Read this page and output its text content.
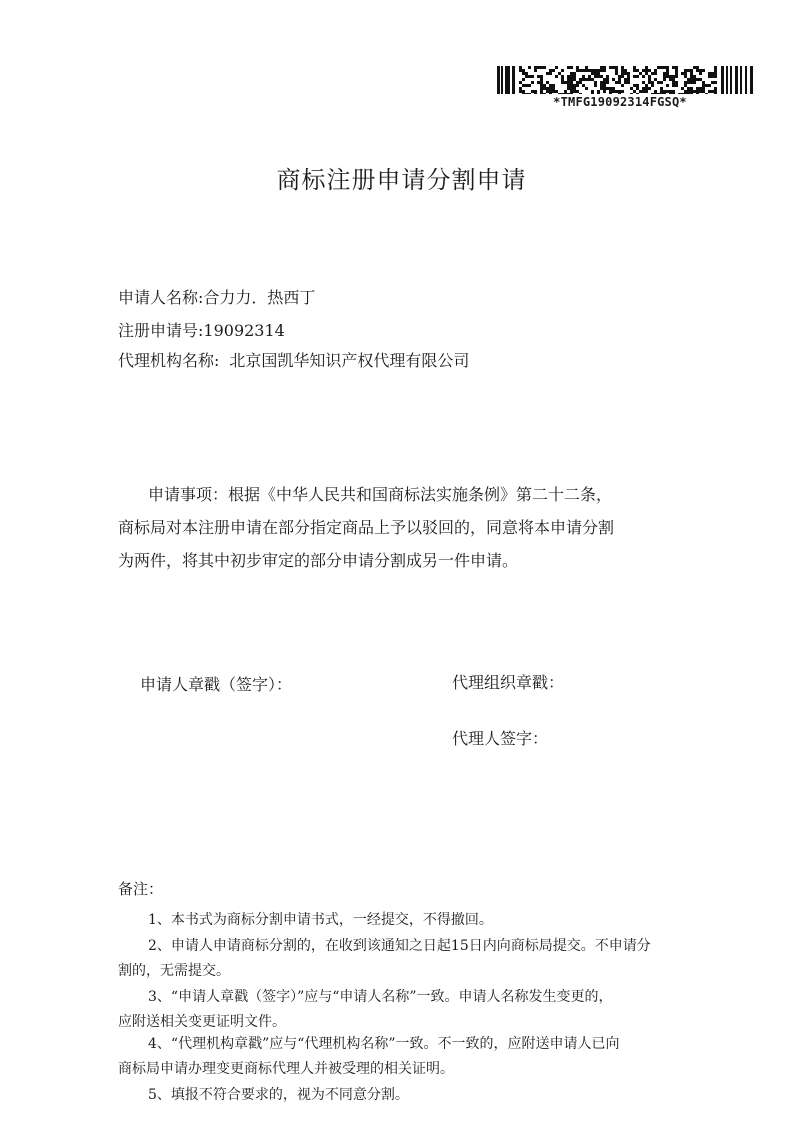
*TMFG19092314FGSQ*
商标注册申请分割申请
申请人名称:合力力．热西丁
注册申请号:19092314
代理机构名称: 北京国凯华知识产权代理有限公司
申请事项：根据《中华人民共和国商标法实施条例》第二十二条，
商标局对本注册申请在部分指定商品上予以驳回的，同意将本申请分割
为两件，将其中初步审定的部分申请分割成另一件申请。
申请人章戳（签字）：	代理组织章戳：
代理人签字：
备注：
1、本书式为商标分割申请书式，一经提交，不得撤回。
2、申请人申请商标分割的，在收到该通知之日起15日内向商标局提交。不申请分
割的，无需提交。
3、“申请人章戳（签字）”应与“申请人名称”一致。申请人名称发生变更的，
应附送相关变更证明文件。
4、“代理机构章戳”应与“代理机构名称”一致。不一致的，应附送申请人已向
商标局申请办理变更商标代理人并被受理的相关证明。
5、填报不符合要求的，视为不同意分割。
